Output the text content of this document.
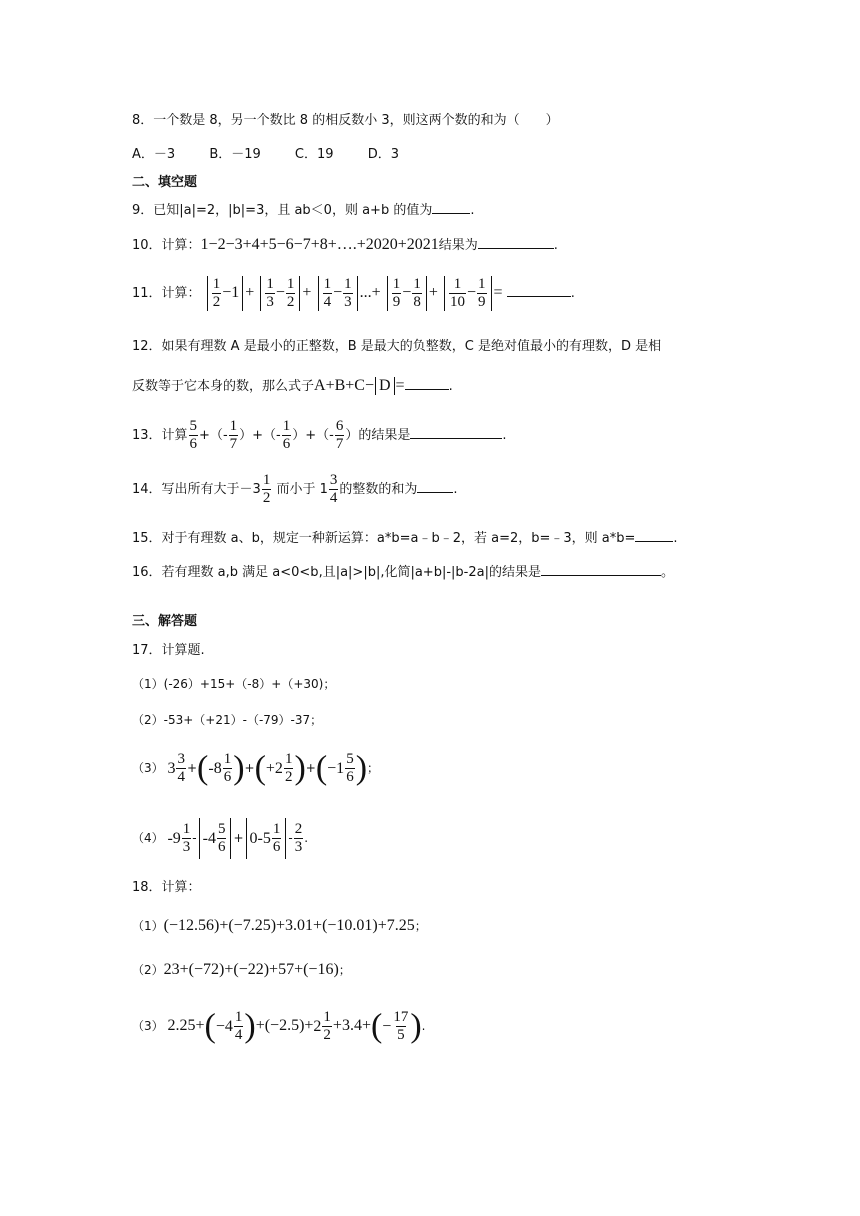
8．一个数是 8，另一个数比 8 的相反数小 3，则这两个数的和为（　　）
A．－3	B．－19	C．19	D．3
二、填空题
9．已知|a|=2，|b|=3，且 ab＜0，则 a+b 的值为	.
10．计算：1−2−3+4+5−6−7+8+….+2020+2021结果为	.
11．计算： $\frac{1}{2} -1 + \frac{1}{3} - \frac{1}{2} + \frac{1}{4} - \frac{1}{3}$ ...+ $\frac{1}{9} - \frac{1}{8} + \frac{1}{10} - \frac{1}{9}$ =	.
12．如果有理数 A 是最小的正整数，B 是最大的负整数，C 是绝对值最小的有理数，D 是相
反数等于它本身的数，那么式子A+B+C− D =	.
13．计算 $\frac{5}{6}$ +（- $\frac{1}{7}$ ）+（- $\frac{1}{6}$ ）+（- $\frac{6}{7}$ ）的结果是	.
14．写出所有大于$-3 \frac{1}{2}$ 而小于 $1 \frac{3}{4}$ 的整数的和为	.
15．对于有理数 a、b，规定一种新运算：a*b=a﹣b﹣2，若 a=2，b=﹣3，则 a*b=	.
16．若有理数 a,b 满足 a<0<b,且|a|>|b|,化简|a+b|-|b-2a|的结果是	。
三、解答题
17．计算题.
（1）(-26）+15+（-8）+（+30)；
（2）-53+（+21）-（-79）-37；
（3） $3 \frac{3}{4} +(-8 \frac{1}{6} )+(+2 \frac{1}{2} )+(-1 \frac{5}{6}$ )；
（4） $-9 \frac{1}{3} - -4 \frac{5}{6} + 0-5 \frac{1}{6} - \frac{2}{3}$ .
18．计算：
（1）(−12.56)+(−7.25)+3.01+(−10.01)+7.25；
（2）23+(−72)+(−22)+57+(−16)；
（3） $2.25+(-4 \frac{1}{4} )+(-2.5)+2 \frac{1}{2} +3.4+(- \frac{17}{5}$ ).
